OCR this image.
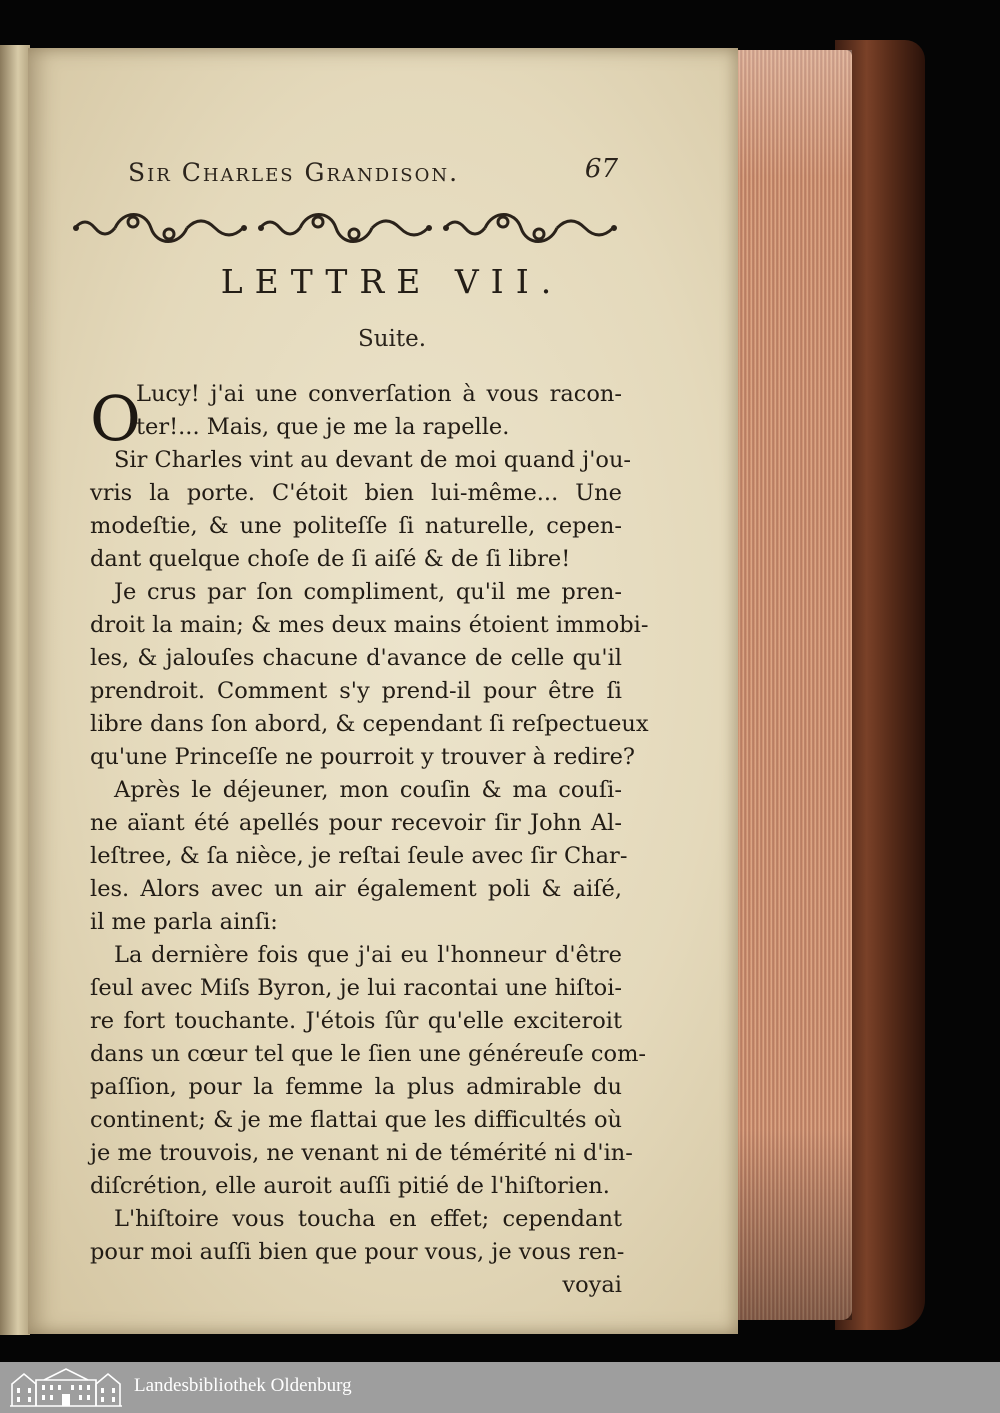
Sir Charles Grandison.	67
LETTRE VII.
Suite.
O
Lucy! j'ai une converſation à vous racon-
ter!... Mais, que je me la rapelle.
Sir Charles vint au devant de moi quand j'ou-
vris la porte. C'étoit bien lui-même... Une
modeſtie, & une politeſſe ſi naturelle, cepen-
dant quelque choſe de ſi aiſé & de ſi libre!
Je crus par ſon compliment, qu'il me pren-
droit la main; & mes deux mains étoient immobi-
les, & jalouſes chacune d'avance de celle qu'il
prendroit. Comment s'y prend-il pour être ſi
libre dans ſon abord, & cependant ſi reſpectueux
qu'une Princeſſe ne pourroit y trouver à redire?
Après le déjeuner, mon couſin & ma couſi-
ne aïant été apellés pour recevoir ſir John Al-
leſtree, & ſa nièce, je reſtai ſeule avec ſir Char-
les. Alors avec un air également poli & aiſé,
il me parla ainſi:
La dernière fois que j'ai eu l'honneur d'être
ſeul avec Miſs Byron, je lui racontai une hiſtoi-
re fort touchante. J'étois ſûr qu'elle exciteroit
dans un cœur tel que le ſien une généreuſe com-
paſſion, pour la femme la plus admirable du
continent; & je me flattai que les difficultés où
je me trouvois, ne venant ni de témérité ni d'in-
diſcrétion, elle auroit auſſi pitié de l'hiſtorien.
L'hiſtoire vous toucha en effet; cependant
pour moi auſſi bien que pour vous, je vous ren-
voyai
Landesbibliothek Oldenburg
